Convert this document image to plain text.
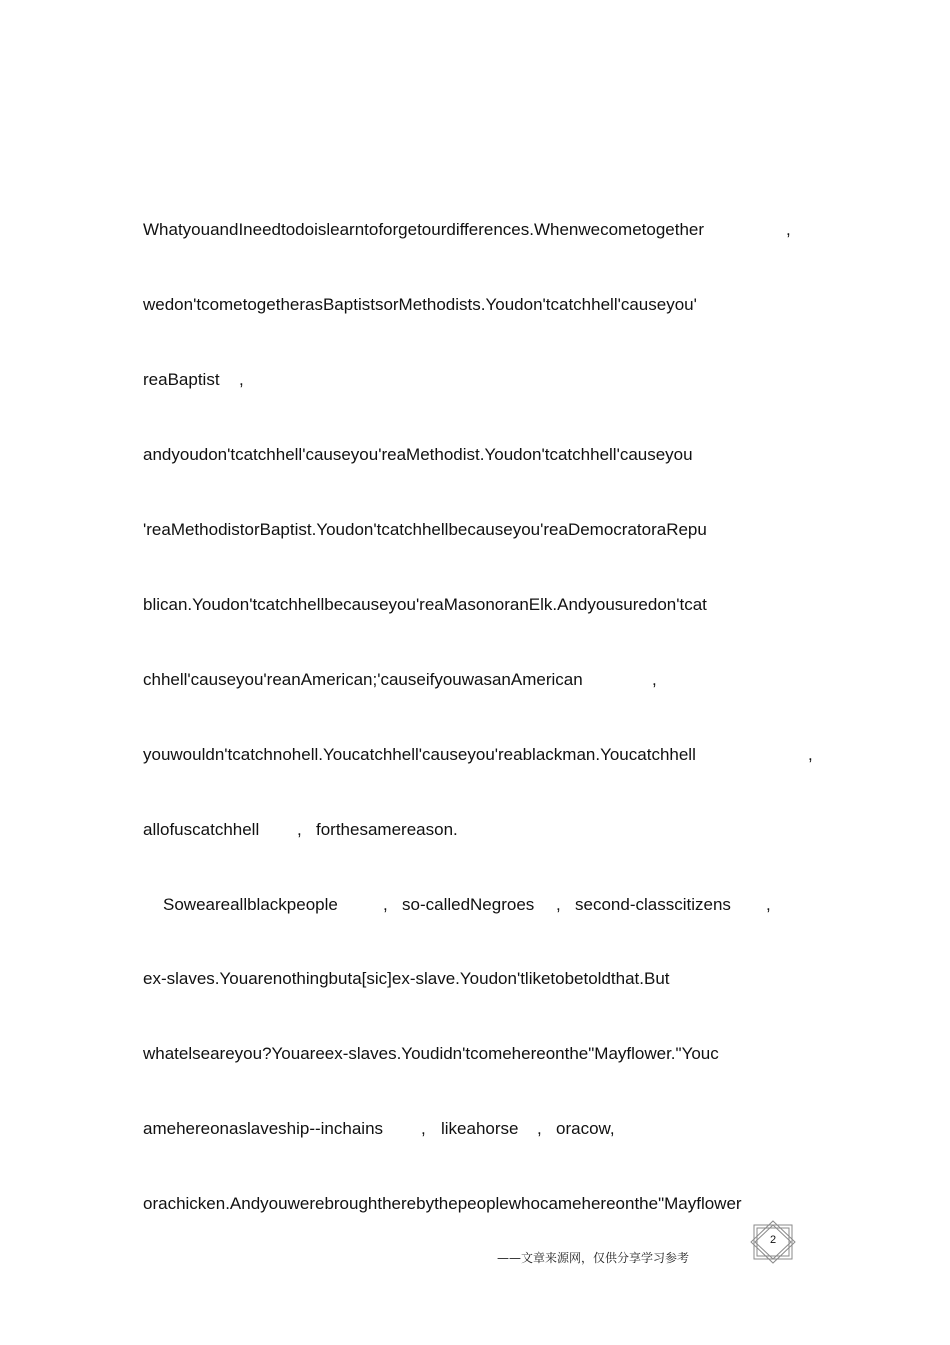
WhatyouandIneedtodoislearntoforgetourdifferences.Whenwecometogether	,
wedon'tcometogetherasBaptistsorMethodists.Youdon'tcatchhell'causeyou'
reaBaptist ,
andyoudon'tcatchhell'causeyou'reaMethodist.Youdon'tcatchhell'causeyou
'reaMethodistorBaptist.Youdon'tcatchhellbecauseyou'reaDemocratoraRepu
blican.Youdon'tcatchhellbecauseyou'reaMasonoranElk.Andyousuredon'tcat
chhell'causeyou'reanAmerican;'causeifyouwasanAmerican	,
youwouldn'tcatchnohell.Youcatchhell'causeyou'reablackman.Youcatchhell	,
allofuscatchhell , forthesamereason.
Soweareallblackpeople	, so-calledNegroes , second-classcitizens ,
ex-slaves.Youarenothingbuta[sic]ex-slave.Youdon'tliketobetoldthat.But
whatelseareyou?Youareex-slaves.Youdidn'tcomehereonthe"Mayflower."Youc
amehereonaslaveship--inchains , likeahorse , oracow,
orachicken.Andyouwerebroughtherebythepeoplewhocamehereonthe"Mayflower
2
——文章来源网，仅供分享学习参考
